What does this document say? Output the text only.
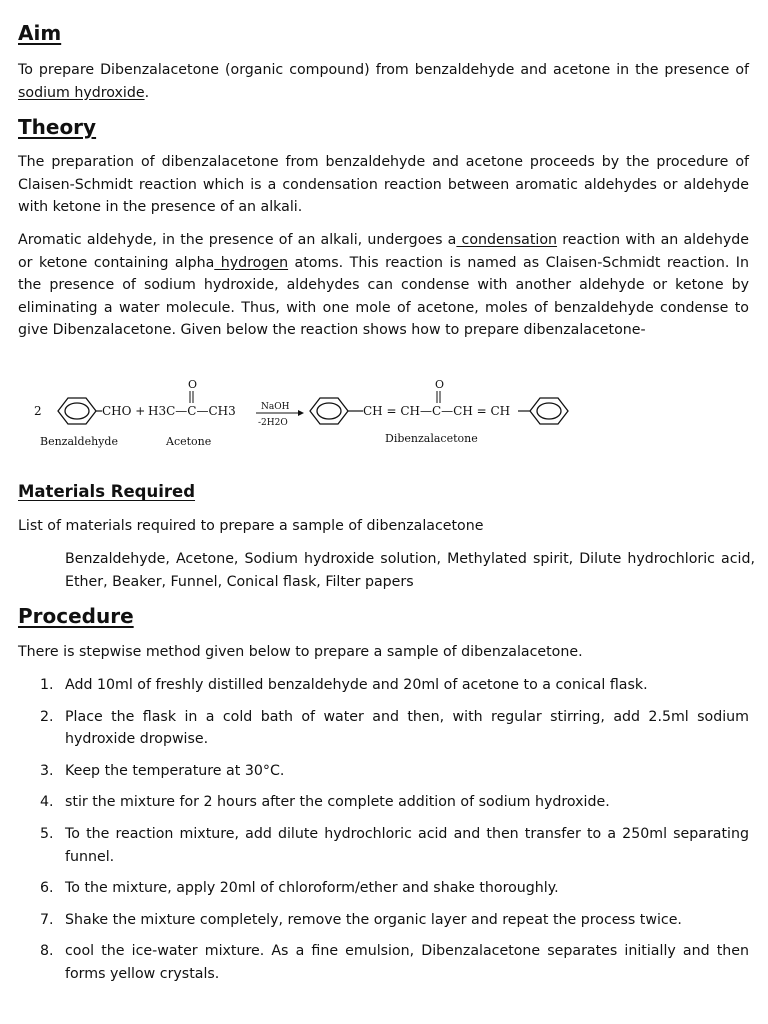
Aim

To prepare Dibenzalacetone (organic compound) from benzaldehyde and acetone in the presence of sodium hydroxide.

Theory

The preparation of dibenzalacetone from benzaldehyde and acetone proceeds by the procedure of Claisen-Schmidt reaction which is a condensation reaction between aromatic aldehydes or aldehyde with ketone in the presence of an alkali.

Aromatic aldehyde, in the presence of an alkali, undergoes a condensation reaction with an aldehyde or ketone containing alpha hydrogen atoms. This reaction is named as Claisen-Schmidt reaction. In the presence of sodium hydroxide, aldehydes can condense with another aldehyde or ketone by eliminating a water molecule. Thus, with one mole of acetone, moles of benzaldehyde condense to give Dibenzalacetone. Given below the reaction shows how to prepare dibenzalacetone-

Materials Required

List of materials required to prepare a sample of dibenzalacetone

Benzaldehyde, Acetone, Sodium hydroxide solution, Methylated spirit, Dilute hydrochloric acid, Ether, Beaker, Funnel, Conical flask, Filter papers

Procedure

There is stepwise method given below to prepare a sample of dibenzalacetone.

1. Add 10ml of freshly distilled benzaldehyde and 20ml of acetone to a conical flask.
2. Place the flask in a cold bath of water and then, with regular stirring, add 2.5ml sodium hydroxide dropwise.
3. Keep the temperature at 30°C.
4. stir the mixture for 2 hours after the complete addition of sodium hydroxide.
5. To the reaction mixture, add dilute hydrochloric acid and then transfer to a 250ml separating funnel.
6. To the mixture, apply 20ml of chloroform/ether and shake thoroughly.
7. Shake the mixture completely, remove the organic layer and repeat the process twice.
8. cool the ice-water mixture. As a fine emulsion, Dibenzalacetone separates initially and then forms yellow crystals.
2	CHO +
O
H3C—C—CH3	NaOH
-2H2O
O
CH = CH—C—CH = CH
Benzaldehyde	Acetone	Dibenzalacetone
